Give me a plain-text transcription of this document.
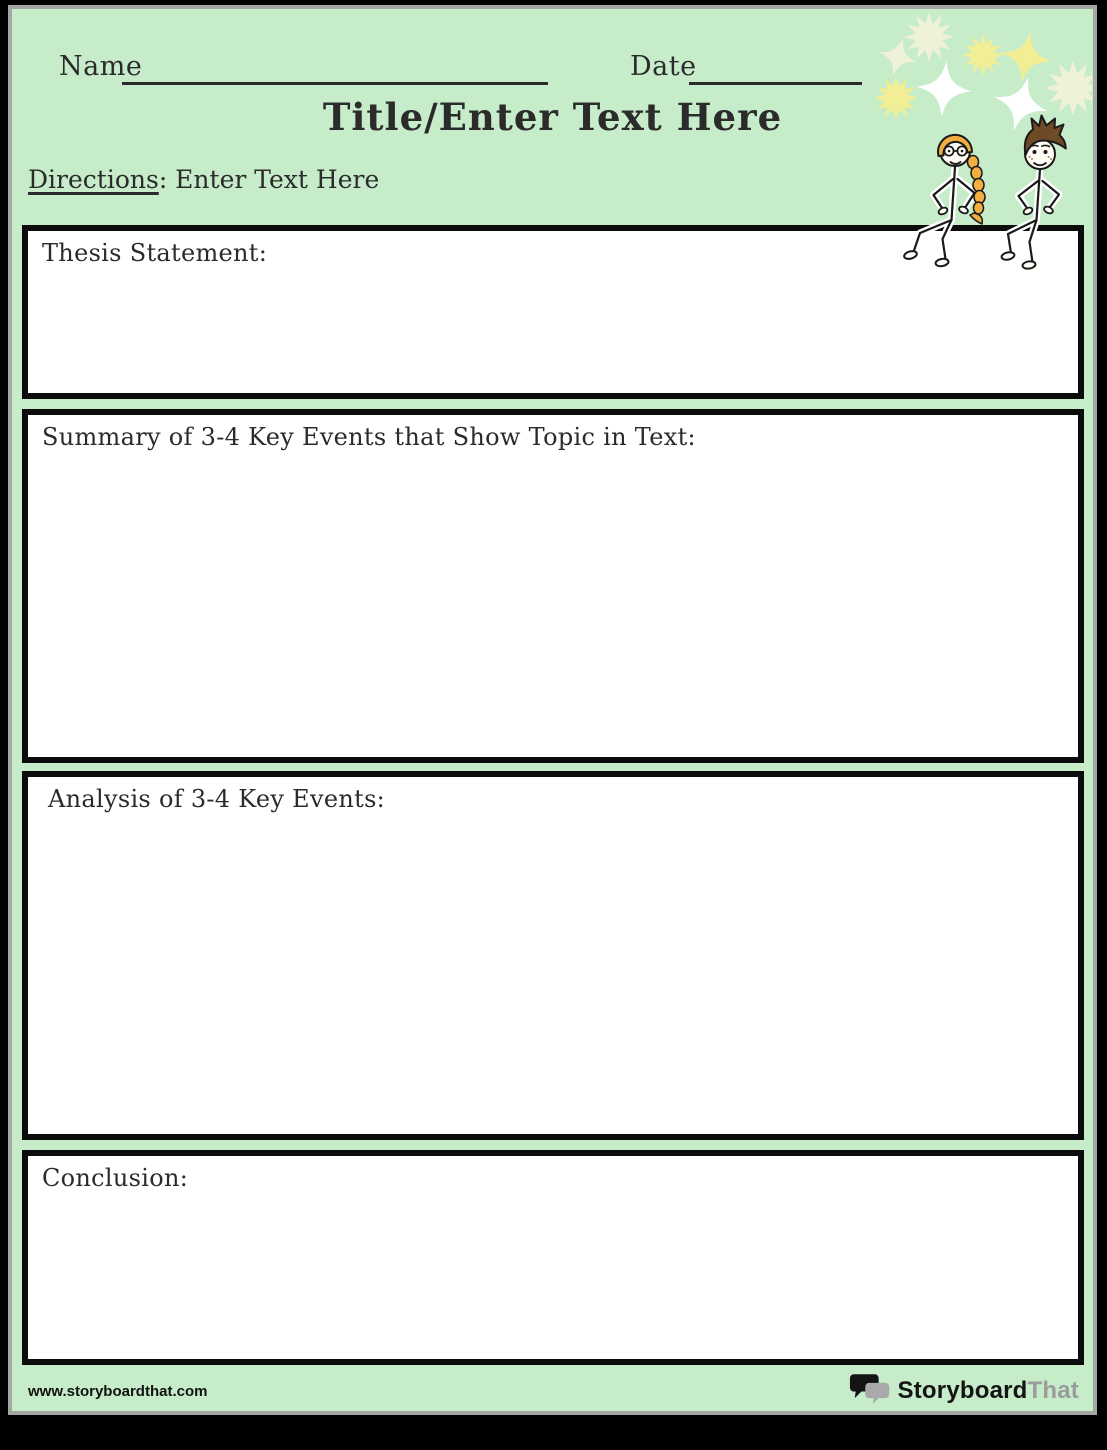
Name	Date
Title/Enter Text Here
Directions: Enter Text Here
Thesis Statement:
Summary of 3-4 Key Events that Show Topic in Text:
Analysis of 3-4 Key Events:
Conclusion:
www.storyboardthat.com	StoryboardThat
